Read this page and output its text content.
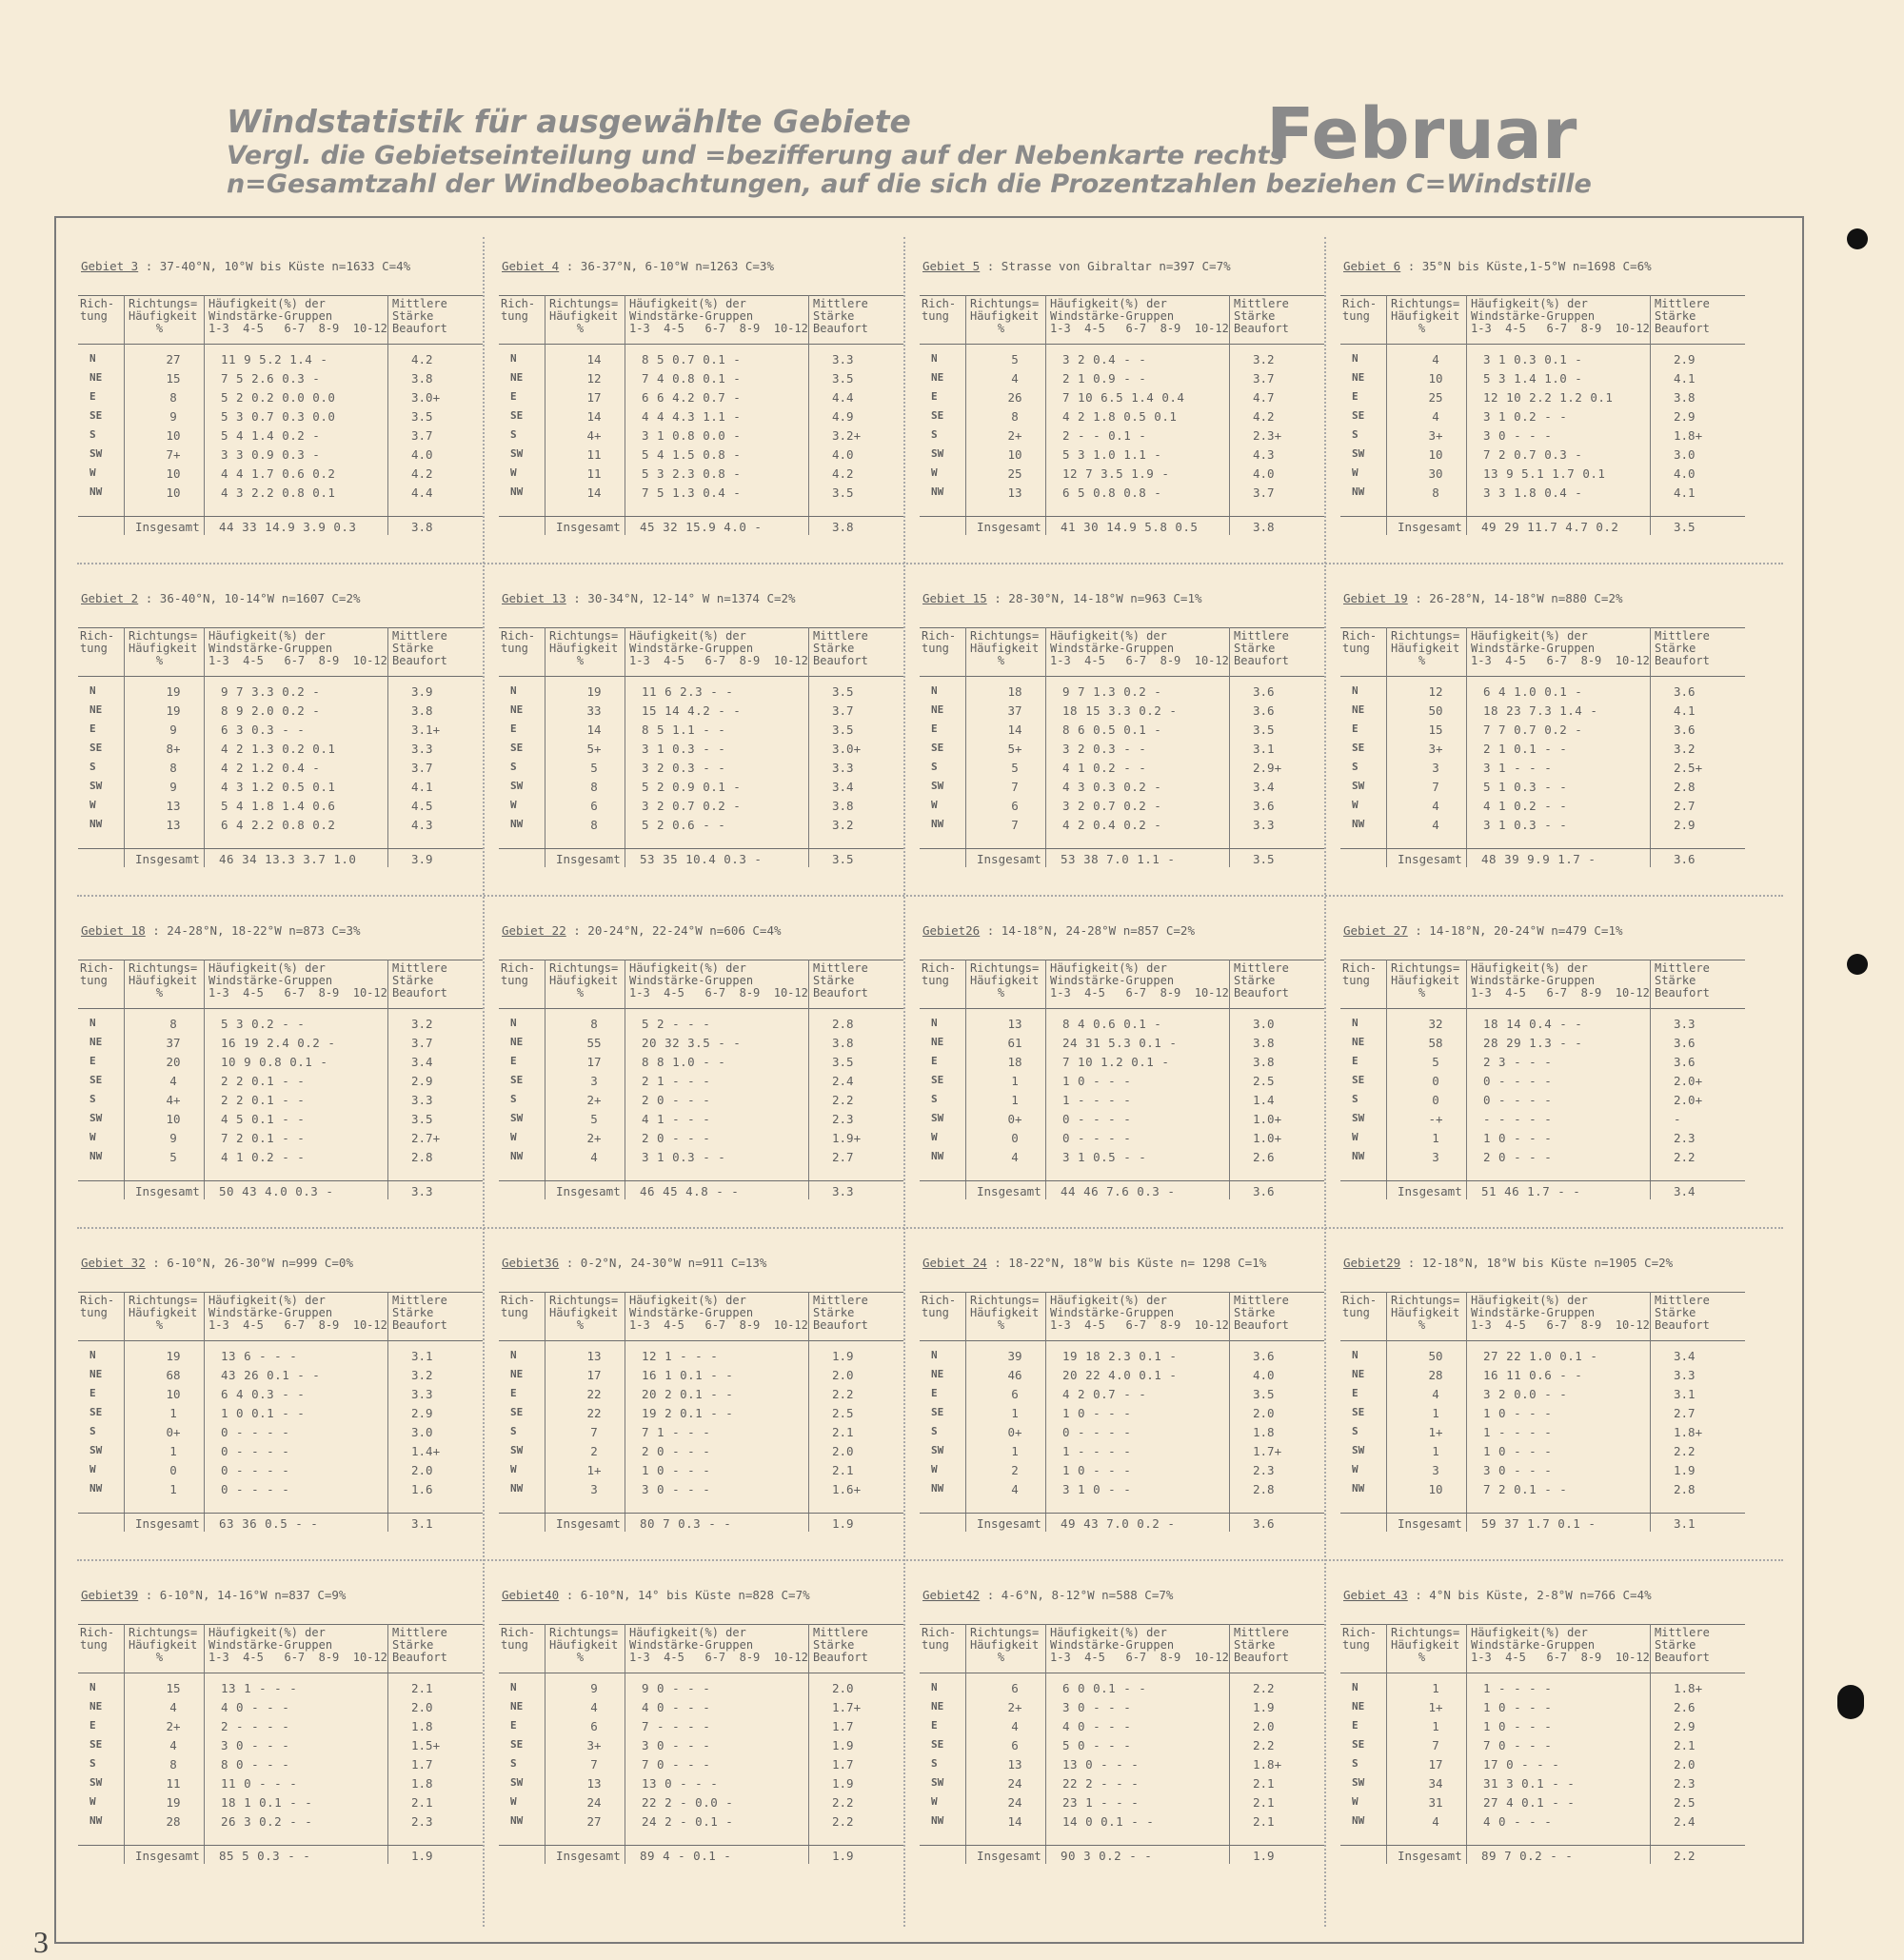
Windstatistik für ausgewählte Gebiete
Vergl. die Gebietseinteilung und =bezifferung auf der Nebenkarte rechts
n=Gesamtzahl der Windbeobachtungen, auf die sich die Prozentzahlen beziehen C=Windstille
Februar
Gebiet 3 : 37-40°N, 10°W bis Küste n=1633 C=4%
Rich-
tung
Richtungs=
Häufigkeit
%
Häufigkeit(%) der
Windstärke-Gruppen
1-3  4-5   6-7  8-9  10-12
Mittlere
Stärke
Beaufort
N	27	11 9 5.2 1.4 -	4.2
NE	15	7 5 2.6 0.3 -	3.8
E	8	5 2 0.2 0.0 0.0	3.0+
SE	9	5 3 0.7 0.3 0.0	3.5
S	10	5 4 1.4 0.2 -	3.7
SW	7+	3 3 0.9 0.3 -	4.0
W	10	4 4 1.7 0.6 0.2	4.2
NW	10	4 3 2.2 0.8 0.1	4.4
Insgesamt 44 33 14.9 3.9 0.3	3.8
Gebiet 4 : 36-37°N, 6-10°W n=1263 C=3%
Rich-
tung
Richtungs=
Häufigkeit
%
Häufigkeit(%) der
Windstärke-Gruppen
1-3  4-5   6-7  8-9  10-12
Mittlere
Stärke
Beaufort
N	14	8 5 0.7 0.1 -	3.3
NE	12	7 4 0.8 0.1 -	3.5
E	17	6 6 4.2 0.7 -	4.4
SE	14	4 4 4.3 1.1 -	4.9
S	4+	3 1 0.8 0.0 -	3.2+
SW	11	5 4 1.5 0.8 -	4.0
W	11	5 3 2.3 0.8 -	4.2
NW	14	7 5 1.3 0.4 -	3.5
Insgesamt 45 32 15.9 4.0 -	3.8
Gebiet 5 : Strasse von Gibraltar n=397 C=7%
Rich-
tung
Richtungs=
Häufigkeit
%
Häufigkeit(%) der
Windstärke-Gruppen
1-3  4-5   6-7  8-9  10-12
Mittlere
Stärke
Beaufort
N	5	3 2 0.4 - -	3.2
NE	4	2 1 0.9 - -	3.7
E	26	7 10 6.5 1.4 0.4	4.7
SE	8	4 2 1.8 0.5 0.1	4.2
S	2+	2 - - 0.1 -	2.3+
SW	10	5 3 1.0 1.1 -	4.3
W	25	12 7 3.5 1.9 -	4.0
NW	13	6 5 0.8 0.8 -	3.7
Insgesamt 41 30 14.9 5.8 0.5	3.8
Gebiet 6 : 35°N bis Küste,1-5°W n=1698 C=6%
Rich-
tung
Richtungs=
Häufigkeit
%
Häufigkeit(%) der
Windstärke-Gruppen
1-3  4-5   6-7  8-9  10-12
Mittlere
Stärke
Beaufort
N	4	3 1 0.3 0.1 -	2.9
NE	10	5 3 1.4 1.0 -	4.1
E	25	12 10 2.2 1.2 0.1	3.8
SE	4	3 1 0.2 - -	2.9
S	3+	3 0 - - -	1.8+
SW	10	7 2 0.7 0.3 -	3.0
W	30	13 9 5.1 1.7 0.1	4.0
NW	8	3 3 1.8 0.4 -	4.1
Insgesamt 49 29 11.7 4.7 0.2	3.5
Gebiet 2 : 36-40°N, 10-14°W n=1607 C=2%
Rich-
tung
Richtungs=
Häufigkeit
%
Häufigkeit(%) der
Windstärke-Gruppen
1-3  4-5   6-7  8-9  10-12
Mittlere
Stärke
Beaufort
N	19	9 7 3.3 0.2 -	3.9
NE	19	8 9 2.0 0.2 -	3.8
E	9	6 3 0.3 - -	3.1+
SE	8+	4 2 1.3 0.2 0.1	3.3
S	8	4 2 1.2 0.4 -	3.7
SW	9	4 3 1.2 0.5 0.1	4.1
W	13	5 4 1.8 1.4 0.6	4.5
NW	13	6 4 2.2 0.8 0.2	4.3
Insgesamt 46 34 13.3 3.7 1.0	3.9
Gebiet 13 : 30-34°N, 12-14° W n=1374 C=2%
Rich-
tung
Richtungs=
Häufigkeit
%
Häufigkeit(%) der
Windstärke-Gruppen
1-3  4-5   6-7  8-9  10-12
Mittlere
Stärke
Beaufort
N	19	11 6 2.3 - -	3.5
NE	33	15 14 4.2 - -	3.7
E	14	8 5 1.1 - -	3.5
SE	5+	3 1 0.3 - -	3.0+
S	5	3 2 0.3 - -	3.3
SW	8	5 2 0.9 0.1 -	3.4
W	6	3 2 0.7 0.2 -	3.8
NW	8	5 2 0.6 - -	3.2
Insgesamt 53 35 10.4 0.3 -	3.5
Gebiet 15 : 28-30°N, 14-18°W n=963 C=1%
Rich-
tung
Richtungs=
Häufigkeit
%
Häufigkeit(%) der
Windstärke-Gruppen
1-3  4-5   6-7  8-9  10-12
Mittlere
Stärke
Beaufort
N	18	9 7 1.3 0.2 -	3.6
NE	37	18 15 3.3 0.2 -	3.6
E	14	8 6 0.5 0.1 -	3.5
SE	5+	3 2 0.3 - -	3.1
S	5	4 1 0.2 - -	2.9+
SW	7	4 3 0.3 0.2 -	3.4
W	6	3 2 0.7 0.2 -	3.6
NW	7	4 2 0.4 0.2 -	3.3
Insgesamt 53 38 7.0 1.1 -	3.5
Gebiet 19 : 26-28°N, 14-18°W n=880 C=2%
Rich-
tung
Richtungs=
Häufigkeit
%
Häufigkeit(%) der
Windstärke-Gruppen
1-3  4-5   6-7  8-9  10-12
Mittlere
Stärke
Beaufort
N	12	6 4 1.0 0.1 -	3.6
NE	50	18 23 7.3 1.4 -	4.1
E	15	7 7 0.7 0.2 -	3.6
SE	3+	2 1 0.1 - -	3.2
S	3	3 1 - - -	2.5+
SW	7	5 1 0.3 - -	2.8
W	4	4 1 0.2 - -	2.7
NW	4	3 1 0.3 - -	2.9
Insgesamt 48 39 9.9 1.7 -	3.6
Gebiet 18 : 24-28°N, 18-22°W n=873 C=3%
Rich-
tung
Richtungs=
Häufigkeit
%
Häufigkeit(%) der
Windstärke-Gruppen
1-3  4-5   6-7  8-9  10-12
Mittlere
Stärke
Beaufort
N	8	5 3 0.2 - -	3.2
NE	37	16 19 2.4 0.2 -	3.7
E	20	10 9 0.8 0.1 -	3.4
SE	4	2 2 0.1 - -	2.9
S	4+	2 2 0.1 - -	3.3
SW	10	4 5 0.1 - -	3.5
W	9	7 2 0.1 - -	2.7+
NW	5	4 1 0.2 - -	2.8
Insgesamt 50 43 4.0 0.3 -	3.3
Gebiet 22 : 20-24°N, 22-24°W n=606 C=4%
Rich-
tung
Richtungs=
Häufigkeit
%
Häufigkeit(%) der
Windstärke-Gruppen
1-3  4-5   6-7  8-9  10-12
Mittlere
Stärke
Beaufort
N	8	5 2 - - -	2.8
NE	55	20 32 3.5 - -	3.8
E	17	8 8 1.0 - -	3.5
SE	3	2 1 - - -	2.4
S	2+	2 0 - - -	2.2
SW	5	4 1 - - -	2.3
W	2+	2 0 - - -	1.9+
NW	4	3 1 0.3 - -	2.7
Insgesamt 46 45 4.8 - -	3.3
Gebiet26 : 14-18°N, 24-28°W n=857 C=2%
Rich-
tung
Richtungs=
Häufigkeit
%
Häufigkeit(%) der
Windstärke-Gruppen
1-3  4-5   6-7  8-9  10-12
Mittlere
Stärke
Beaufort
N	13	8 4 0.6 0.1 -	3.0
NE	61	24 31 5.3 0.1 -	3.8
E	18	7 10 1.2 0.1 -	3.8
SE	1	1 0 - - -	2.5
S	1	1 - - - -	1.4
SW	0+	0 - - - -	1.0+
W	0	0 - - - -	1.0+
NW	4	3 1 0.5 - -	2.6
Insgesamt 44 46 7.6 0.3 -	3.6
Gebiet 27 : 14-18°N, 20-24°W n=479 C=1%
Rich-
tung
Richtungs=
Häufigkeit
%
Häufigkeit(%) der
Windstärke-Gruppen
1-3  4-5   6-7  8-9  10-12
Mittlere
Stärke
Beaufort
N	32	18 14 0.4 - -	3.3
NE	58	28 29 1.3 - -	3.6
E	5	2 3 - - -	3.6
SE	0	0 - - - -	2.0+
S	0	0 - - - -	2.0+
SW	-+	- - - - -	-
W	1	1 0 - - -	2.3
NW	3	2 0 - - -	2.2
Insgesamt 51 46 1.7 - -	3.4
Gebiet 32 : 6-10°N, 26-30°W n=999 C=0%
Rich-
tung
Richtungs=
Häufigkeit
%
Häufigkeit(%) der
Windstärke-Gruppen
1-3  4-5   6-7  8-9  10-12
Mittlere
Stärke
Beaufort
N	19	13 6 - - -	3.1
NE	68	43 26 0.1 - -	3.2
E	10	6 4 0.3 - -	3.3
SE	1	1 0 0.1 - -	2.9
S	0+	0 - - - -	3.0
SW	1	0 - - - -	1.4+
W	0	0 - - - -	2.0
NW	1	0 - - - -	1.6
Insgesamt 63 36 0.5 - -	3.1
Gebiet36 : 0-2°N, 24-30°W n=911 C=13%
Rich-
tung
Richtungs=
Häufigkeit
%
Häufigkeit(%) der
Windstärke-Gruppen
1-3  4-5   6-7  8-9  10-12
Mittlere
Stärke
Beaufort
N	13	12 1 - - -	1.9
NE	17	16 1 0.1 - -	2.0
E	22	20 2 0.1 - -	2.2
SE	22	19 2 0.1 - -	2.5
S	7	7 1 - - -	2.1
SW	2	2 0 - - -	2.0
W	1+	1 0 - - -	2.1
NW	3	3 0 - - -	1.6+
Insgesamt 80 7 0.3 - -	1.9
Gebiet 24 : 18-22°N, 18°W bis Küste n= 1298 C=1%
Rich-
tung
Richtungs=
Häufigkeit
%
Häufigkeit(%) der
Windstärke-Gruppen
1-3  4-5   6-7  8-9  10-12
Mittlere
Stärke
Beaufort
N	39	19 18 2.3 0.1 -	3.6
NE	46	20 22 4.0 0.1 -	4.0
E	6	4 2 0.7 - -	3.5
SE	1	1 0 - - -	2.0
S	0+	0 - - - -	1.8
SW	1	1 - - - -	1.7+
W	2	1 0 - - -	2.3
NW	4	3 1 0 - -	2.8
Insgesamt 49 43 7.0 0.2 -	3.6
Gebiet29 : 12-18°N, 18°W bis Küste n=1905 C=2%
Rich-
tung
Richtungs=
Häufigkeit
%
Häufigkeit(%) der
Windstärke-Gruppen
1-3  4-5   6-7  8-9  10-12
Mittlere
Stärke
Beaufort
N	50	27 22 1.0 0.1 -	3.4
NE	28	16 11 0.6 - -	3.3
E	4	3 2 0.0 - -	3.1
SE	1	1 0 - - -	2.7
S	1+	1 - - - -	1.8+
SW	1	1 0 - - -	2.2
W	3	3 0 - - -	1.9
NW	10	7 2 0.1 - -	2.8
Insgesamt 59 37 1.7 0.1 -	3.1
Gebiet39 : 6-10°N, 14-16°W n=837 C=9%
Rich-
tung
Richtungs=
Häufigkeit
%
Häufigkeit(%) der
Windstärke-Gruppen
1-3  4-5   6-7  8-9  10-12
Mittlere
Stärke
Beaufort
N	15	13 1 - - -	2.1
NE	4	4 0 - - -	2.0
E	2+	2 - - - -	1.8
SE	4	3 0 - - -	1.5+
S	8	8 0 - - -	1.7
SW	11	11 0 - - -	1.8
W	19	18 1 0.1 - -	2.1
NW	28	26 3 0.2 - -	2.3
Insgesamt 85 5 0.3 - -	1.9
Gebiet40 : 6-10°N, 14° bis Küste n=828 C=7%
Rich-
tung
Richtungs=
Häufigkeit
%
Häufigkeit(%) der
Windstärke-Gruppen
1-3  4-5   6-7  8-9  10-12
Mittlere
Stärke
Beaufort
N	9	9 0 - - -	2.0
NE	4	4 0 - - -	1.7+
E	6	7 - - - -	1.7
SE	3+	3 0 - - -	1.9
S	7	7 0 - - -	1.7
SW	13	13 0 - - -	1.9
W	24	22 2 - 0.0 -	2.2
NW	27	24 2 - 0.1 -	2.2
Insgesamt 89 4 - 0.1 -	1.9
Gebiet42 : 4-6°N, 8-12°W n=588 C=7%
Rich-
tung
Richtungs=
Häufigkeit
%
Häufigkeit(%) der
Windstärke-Gruppen
1-3  4-5   6-7  8-9  10-12
Mittlere
Stärke
Beaufort
N	6	6 0 0.1 - -	2.2
NE	2+	3 0 - - -	1.9
E	4	4 0 - - -	2.0
SE	6	5 0 - - -	2.2
S	13	13 0 - - -	1.8+
SW	24	22 2 - - -	2.1
W	24	23 1 - - -	2.1
NW	14	14 0 0.1 - -	2.1
Insgesamt 90 3 0.2 - -	1.9
Gebiet 43 : 4°N bis Küste, 2-8°W n=766 C=4%
Rich-
tung
Richtungs=
Häufigkeit
%
Häufigkeit(%) der
Windstärke-Gruppen
1-3  4-5   6-7  8-9  10-12
Mittlere
Stärke
Beaufort
N	1	1 - - - -	1.8+
NE	1+	1 0 - - -	2.6
E	1	1 0 - - -	2.9
SE	7	7 0 - - -	2.1
S	17	17 0 - - -	2.0
SW	34	31 3 0.1 - -	2.3
W	31	27 4 0.1 - -	2.5
NW	4	4 0 - - -	2.4
Insgesamt 89 7 0.2 - -	2.2
3
